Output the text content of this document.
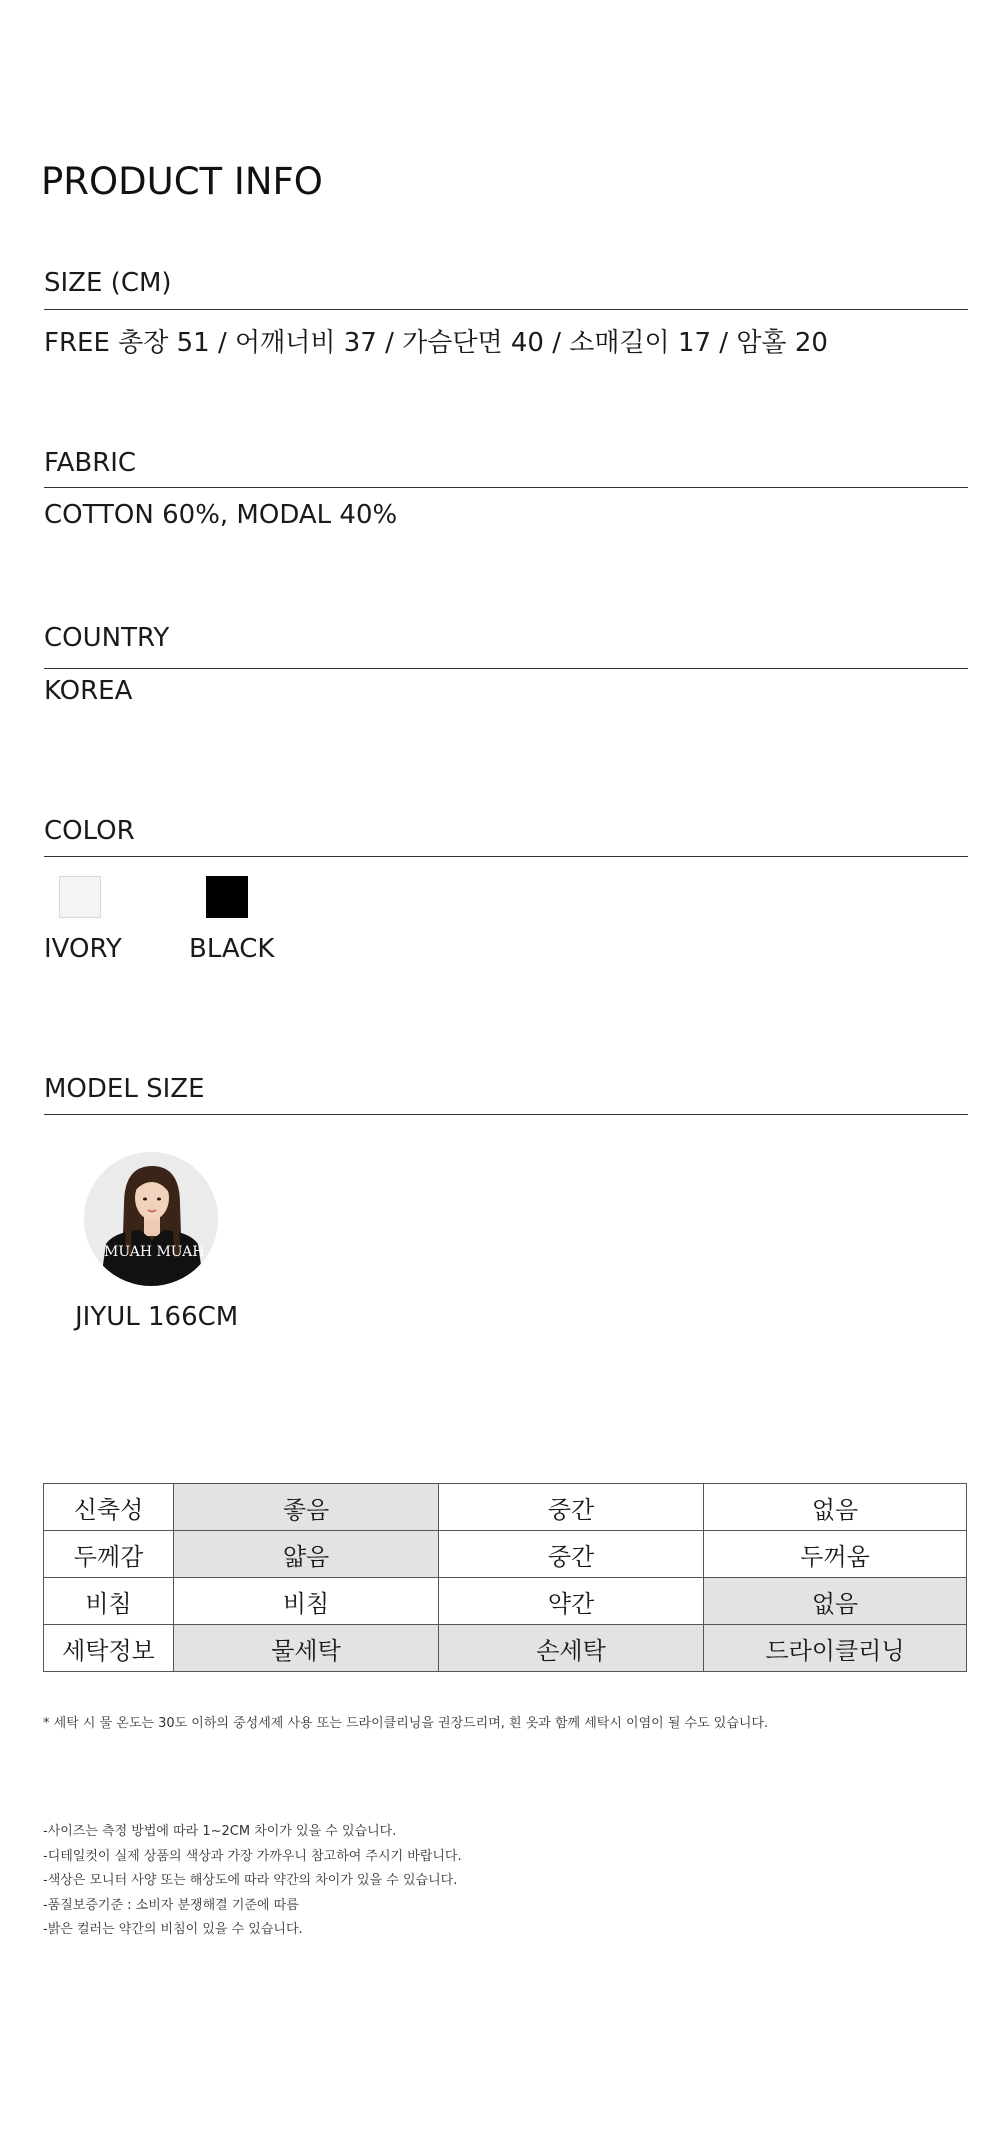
PRODUCT INFO
SIZE (CM)
FREE 총장 51 / 어깨너비 37 / 가슴단면 40 / 소매길이 17 / 암홀 20
FABRIC
COTTON 60%, MODAL 40%
COUNTRY
KOREA
COLOR
IVORY	BLACK
MODEL SIZE
MUAH MUAH
JIYUL 166CM
신축성	좋음	중간	없음
두께감	얇음	중간	두꺼움
비침	비침	약간	없음
세탁정보	물세탁	손세탁	드라이클리닝
* 세탁 시 물 온도는 30도 이하의 중성세제 사용 또는 드라이클리닝을 권장드리며, 흰 옷과 함께 세탁시 이염이 될 수도 있습니다.
-사이즈는 측정 방법에 따라 1~2CM 차이가 있을 수 있습니다.
-디테일컷이 실제 상품의 색상과 가장 가까우니 참고하여 주시기 바랍니다.
-색상은 모니터 사양 또는 해상도에 따라 약간의 차이가 있을 수 있습니다.
-품질보증기준 : 소비자 분쟁해결 기준에 따름
-밝은 컬러는 약간의 비침이 있을 수 있습니다.
